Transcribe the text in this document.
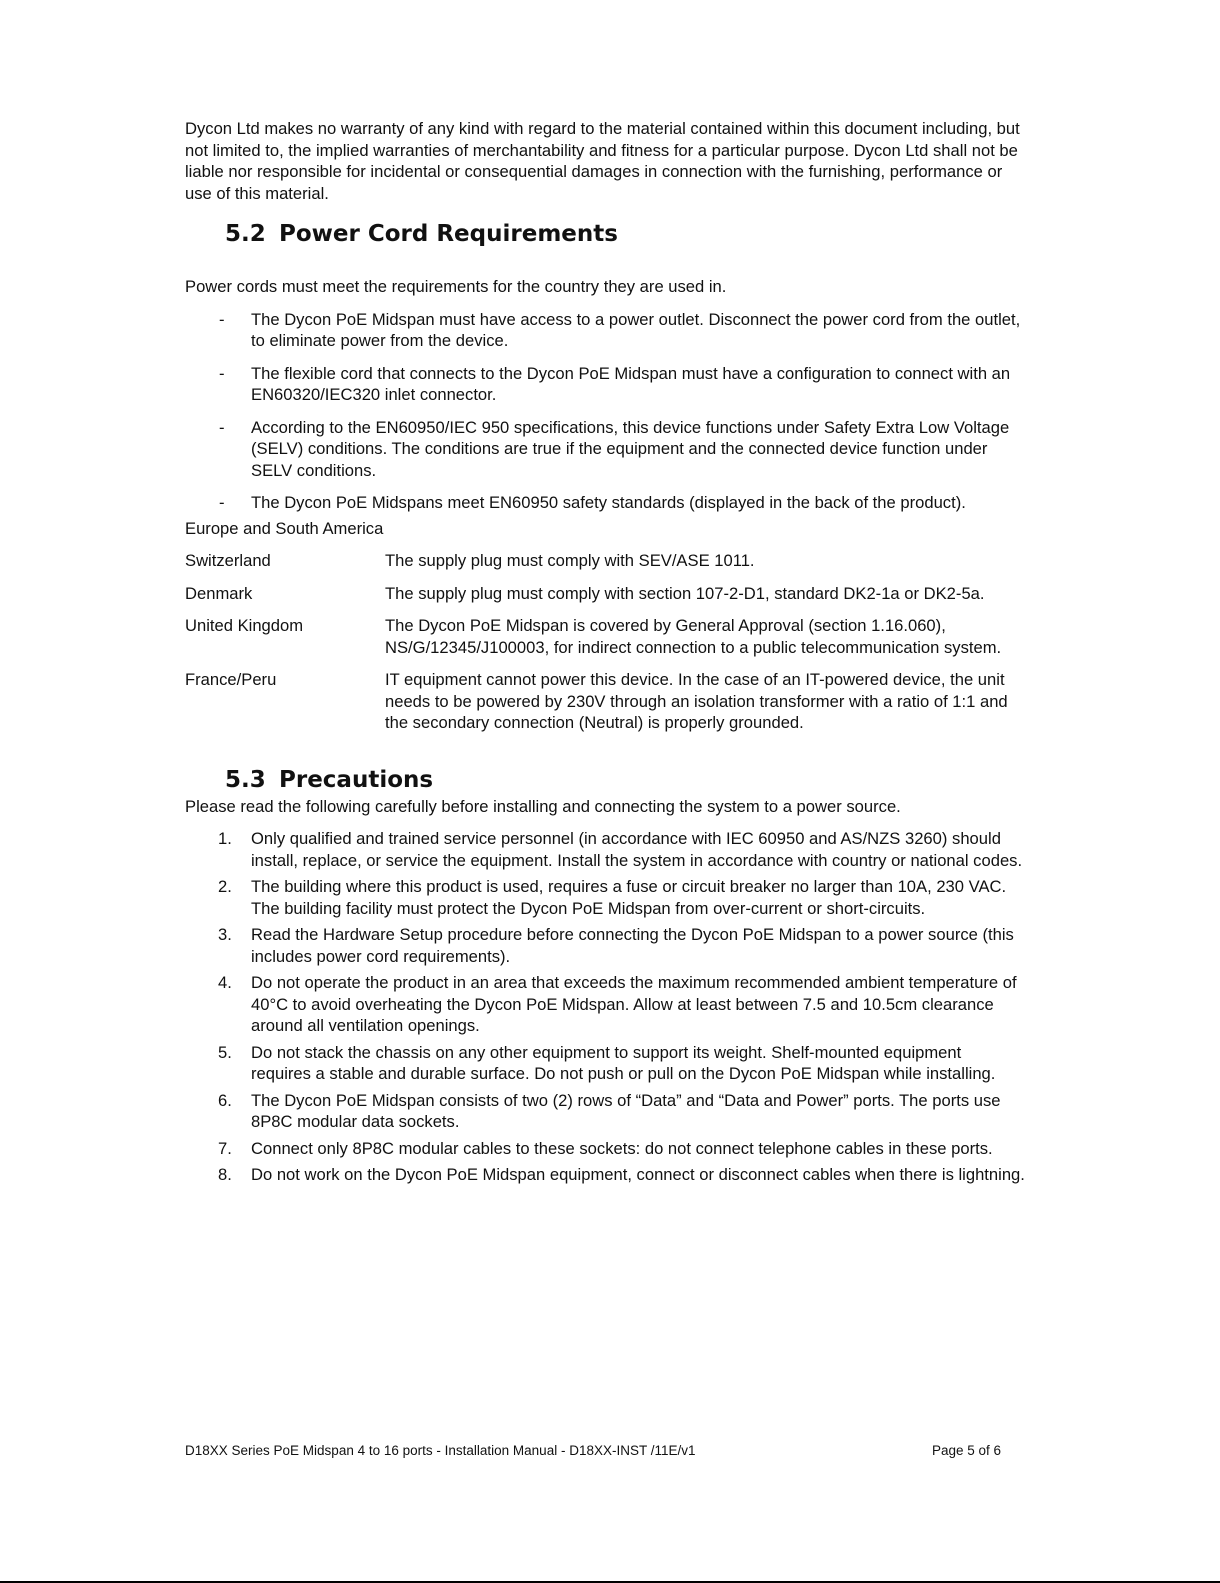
Dycon Ltd makes no warranty of any kind with regard to the material contained within this document including, but not limited to, the implied warranties of merchantability and fitness for a particular purpose. Dycon Ltd shall not be liable nor responsible for incidental or consequential damages in connection with the furnishing, performance or use of this material.

5.2 Power Cord Requirements

Power cords must meet the requirements for the country they are used in.

- The Dycon PoE Midspan must have access to a power outlet. Disconnect the power cord from the outlet, to eliminate power from the device.
- The flexible cord that connects to the Dycon PoE Midspan must have a configuration to connect with an EN60320/IEC320 inlet connector.
- According to the EN60950/IEC 950 specifications, this device functions under Safety Extra Low Voltage (SELV) conditions. The conditions are true if the equipment and the connected device function under SELV conditions.
- The Dycon PoE Midspans meet EN60950 safety standards (displayed in the back of the product).

Europe and South America

Switzerland	The supply plug must comply with SEV/ASE 1011.
Denmark	The supply plug must comply with section 107-2-D1, standard DK2-1a or DK2-5a.
United Kingdom	The Dycon PoE Midspan is covered by General Approval (section 1.16.060), NS/G/12345/J100003, for indirect connection to a public telecommunication system.
France/Peru	IT equipment cannot power this device. In the case of an IT-powered device, the unit needs to be powered by 230V through an isolation transformer with a ratio of 1:1 and the secondary connection (Neutral) is properly grounded.
5.3 Precautions

Please read the following carefully before installing and connecting the system to a power source.

1. Only qualified and trained service personnel (in accordance with IEC 60950 and AS/NZS 3260) should install, replace, or service the equipment. Install the system in accordance with country or national codes.
2. The building where this product is used, requires a fuse or circuit breaker no larger than 10A, 230 VAC. The building facility must protect the Dycon PoE Midspan from over-current or short-circuits.
3. Read the Hardware Setup procedure before connecting the Dycon PoE Midspan to a power source (this includes power cord requirements).
4. Do not operate the product in an area that exceeds the maximum recommended ambient temperature of 40°C to avoid overheating the Dycon PoE Midspan. Allow at least between 7.5 and 10.5cm clearance around all ventilation openings.
5. Do not stack the chassis on any other equipment to support its weight. Shelf-mounted equipment requires a stable and durable surface. Do not push or pull on the Dycon PoE Midspan while installing.
6. The Dycon PoE Midspan consists of two (2) rows of “Data” and “Data and Power” ports. The ports use 8P8C modular data sockets.
7. Connect only 8P8C modular cables to these sockets: do not connect telephone cables in these ports.
8. Do not work on the Dycon PoE Midspan equipment, connect or disconnect cables when there is lightning.
D18XX Series PoE Midspan 4 to 16 ports - Installation Manual - D18XX-INST /11E/v1	Page 5 of 6
